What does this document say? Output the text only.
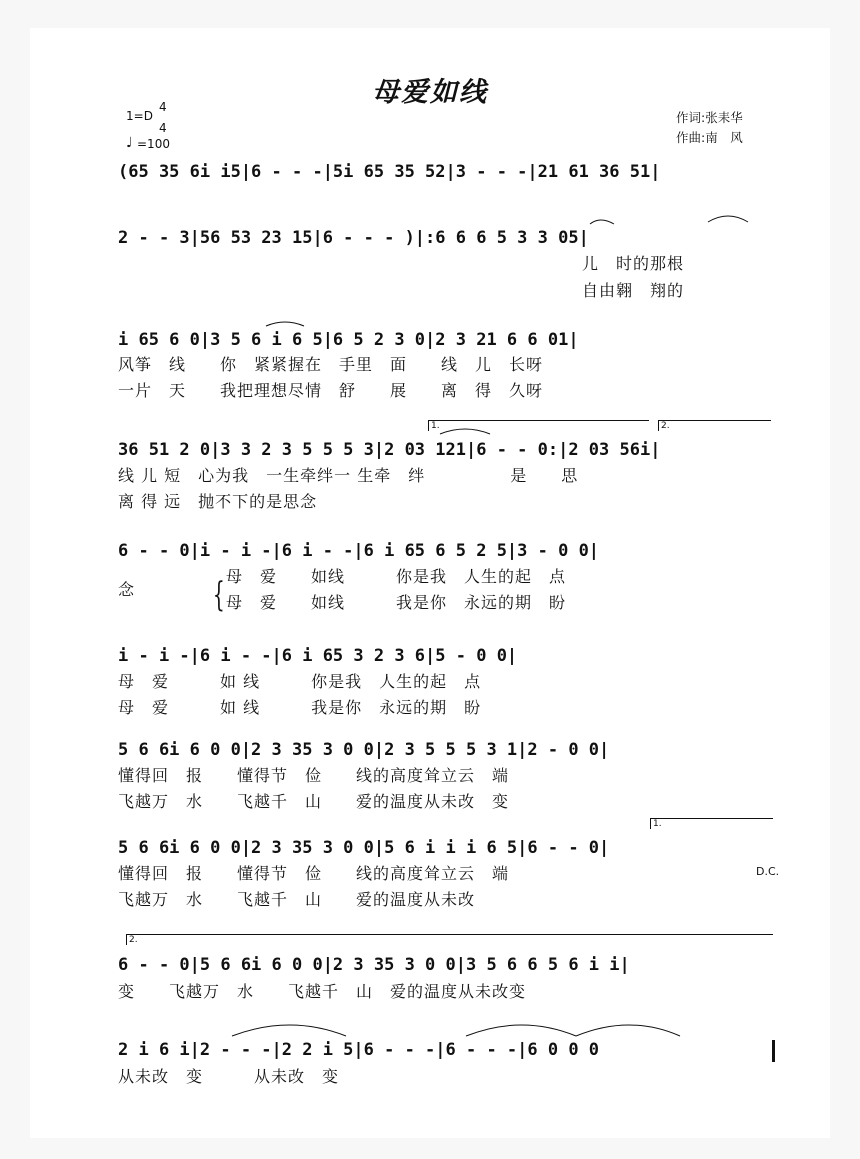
母爱如线
1=D
4
4
♩ =100
作词:张耒华
作曲:南　风
(65 35 6i i5|6 - - -|5i 65 35 52|3 - - -|21 61 36 51|
2 - - 3|56 53 23 15|6 - - - )|:6 6 6 5 3 3 05|
儿　时的那根
自由翱　翔的
i 65 6 0|3 5 6 i 6 5|6 5 2 3 0|2 3 21 6 6 01|
风筝　线　　你　紧紧握在　手里　面　　线　儿　长呀
一片　天　　我把理想尽情　舒　　展　　离　得　久呀
1.	2.
36 51 2 0|3 3 2 3 5 5 5 3|2 03 121|6 - - 0:|2 03 56i|
线 儿 短　心为我　一生牵绊一 生牵　绊　　　　　是　　思
离 得 远　抛不下的是思念
6 - - 0|i - i -|6 i - -|6 i 65 6 5 2 5|3 - 0 0|
念 { 母　爱　　如线　　　你是我　人生的起　点
母　爱　　如线　　　我是你　永远的期　盼
i - i -|6 i - -|6 i 65 3 2 3 6|5 - 0 0|
母　爱　　　如 线　　　你是我　人生的起　点
母　爱　　　如 线　　　我是你　永远的期　盼
5 6 6i 6 0 0|2 3 35 3 0 0|2 3 5 5 5 3 1|2 - 0 0|
懂得回　报　　懂得节　俭　　线的高度耸立云　端
飞越万　水　　飞越千　山　　爱的温度从未改　变
1.
5 6 6i 6 0 0|2 3 35 3 0 0|5 6 i i i 6 5|6 - - 0|
懂得回　报　　懂得节　俭　　线的高度耸立云　端
飞越万　水　　飞越千　山　　爱的温度从未改
D.C.
2.
6 - - 0|5 6 6i 6 0 0|2 3 35 3 0 0|3 5 6 6 5 6 i i|
变　　飞越万　水　　飞越千　山　爱的温度从未改变
2 i 6 i|2 - - -|2 2 i 5|6 - - -|6 - - -|6 0 0 0
从未改　变　　　从未改　变
